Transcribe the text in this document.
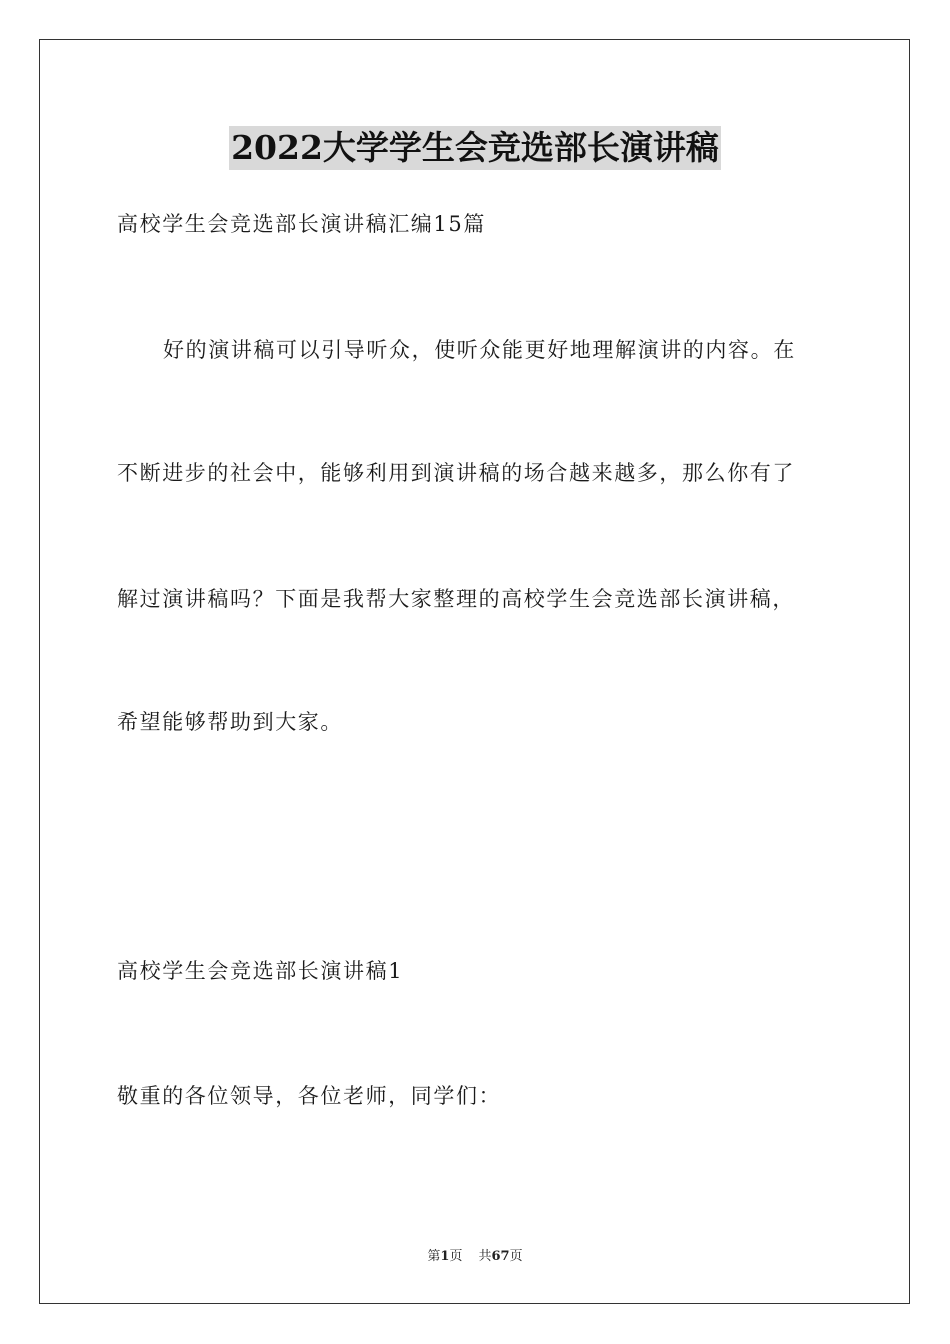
2022大学学生会竞选部长演讲稿
高校学生会竞选部长演讲稿汇编15篇
好的演讲稿可以引导听众，使听众能更好地理解演讲的内容。在
不断进步的社会中，能够利用到演讲稿的场合越来越多，那么你有了
解过演讲稿吗？下面是我帮大家整理的高校学生会竞选部长演讲稿，
希望能够帮助到大家。
高校学生会竞选部长演讲稿1
敬重的各位领导，各位老师，同学们：
第1页 共67页
